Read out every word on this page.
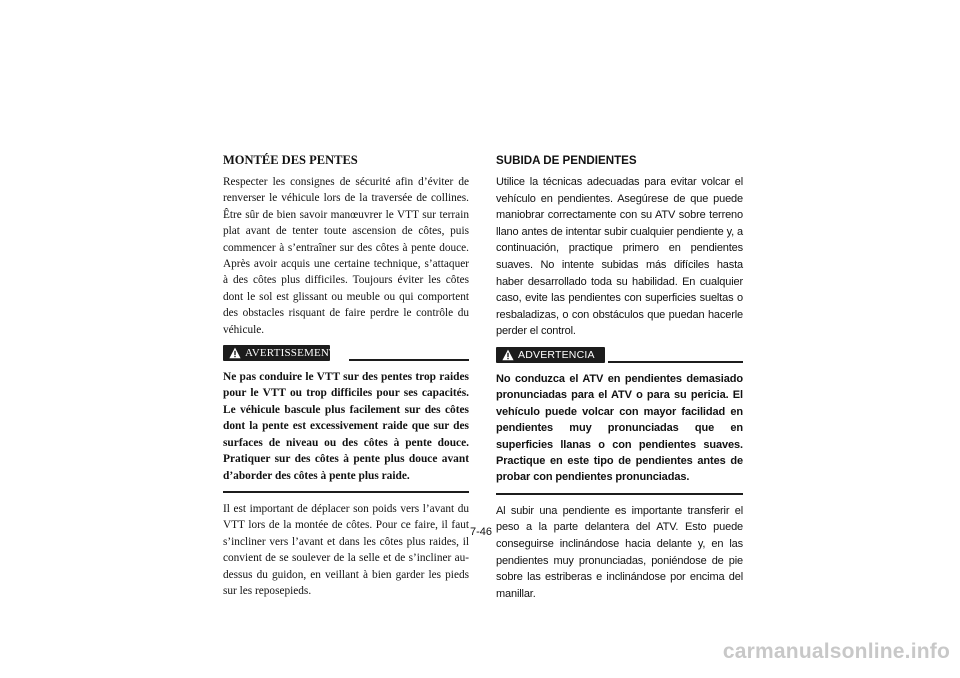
MONTÉE DES PENTES

Respecter les consignes de sécurité afin d’éviter de renverser le véhicule lors de la traversée de collines. Être sûr de bien savoir manœuvrer le VTT sur terrain plat avant de tenter toute ascension de côtes, puis commencer à s’entraîner sur des côtes à pente douce. Après avoir acquis une certaine technique, s’attaquer à des côtes plus difficiles. Toujours éviter les côtes dont le sol est glissant ou meuble ou qui comportent des obstacles risquant de faire perdre le contrôle du véhicule.

AVERTISSEMENT

Ne pas conduire le VTT sur des pentes trop raides pour le VTT ou trop difficiles pour ses capacités. Le véhicule bascule plus facilement sur des côtes dont la pente est excessivement raide que sur des surfaces de niveau ou des côtes à pente douce. Pratiquer sur des côtes à pente plus douce avant d’aborder des côtes à pente plus raide.

Il est important de déplacer son poids vers l’avant du VTT lors de la montée de côtes. Pour ce faire, il faut s’incliner vers l’avant et dans les côtes plus raides, il convient de se soulever de la selle et de s’incliner au-dessus du guidon, en veillant à bien garder les pieds sur les reposepieds.

SUBIDA DE PENDIENTES

Utilice la técnicas adecuadas para evitar volcar el vehículo en pendientes. Asegúrese de que puede maniobrar correctamente con su ATV sobre terreno llano antes de intentar subir cualquier pendiente y, a continuación, practique primero en pendientes suaves. No intente subidas más difíciles hasta haber desarrollado toda su habilidad. En cualquier caso, evite las pendientes con superficies sueltas o resbaladizas, o con obstáculos que puedan hacerle perder el control.

ADVERTENCIA

No conduzca el ATV en pendientes demasiado pronunciadas para el ATV o para su pericia. El vehículo puede volcar con mayor facilidad en pendientes muy pronunciadas que en superficies llanas o con pendientes suaves. Practique en este tipo de pendientes antes de probar con pendientes pronunciadas.

Al subir una pendiente es importante transferir el peso a la parte delantera del ATV. Esto puede conseguirse inclinándose hacia delante y, en las pendientes muy pronunciadas, poniéndose de pie sobre las estriberas e inclinándose por encima del manillar.

7-46
carmanualsonline.info
